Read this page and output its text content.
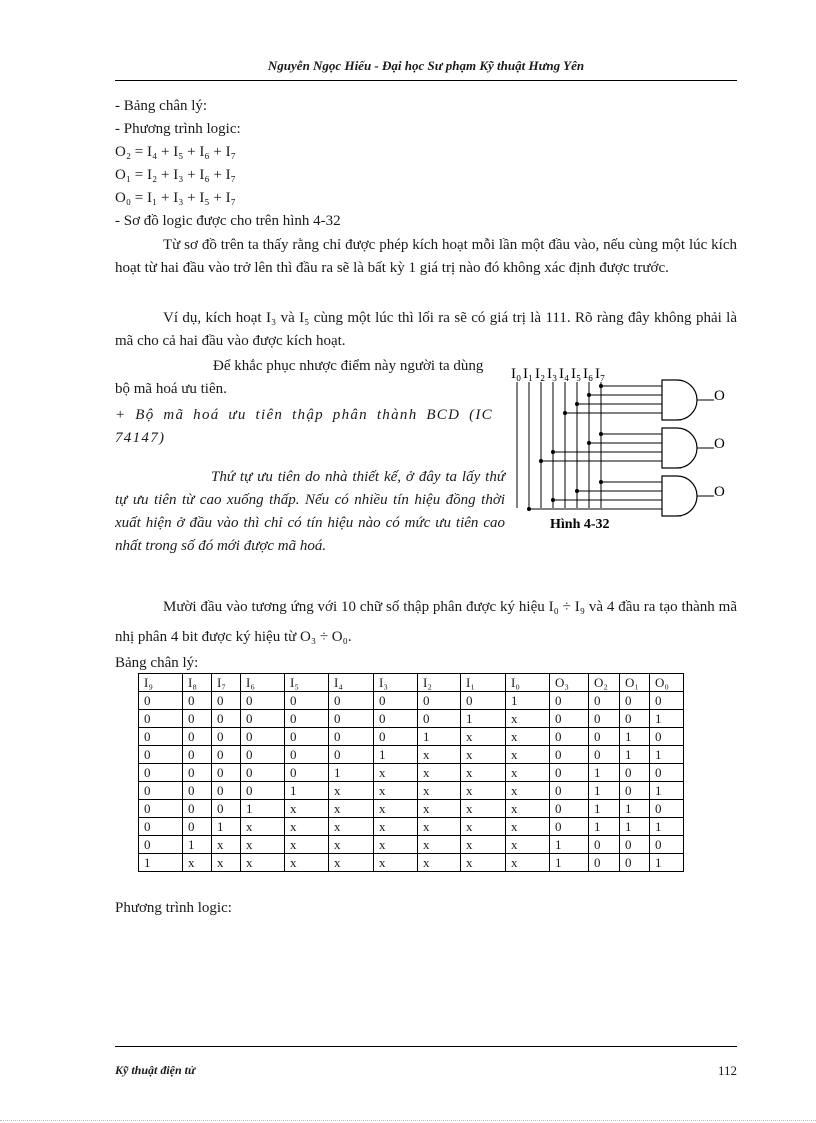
Nguyễn Ngọc Hiếu - Đại học Sư phạm Kỹ thuật Hưng Yên
- Bảng chân lý:
- Phương trình logic:
O₂ = I₄ + I₅ + I₆ + I₇
O₁ = I₂ + I₃ + I₆ + I₇
O₀ = I₁ + I₃ + I₅ + I₇
- Sơ đồ logic được cho trên hình 4-32
Từ sơ đồ trên ta thấy rằng chỉ được phép kích hoạt mỗi lần một đầu vào, nếu cùng một lúc kích hoạt từ hai đầu vào trở lên thì đầu ra sẽ là bất kỳ 1 giá trị nào đó không xác định được trước.
Ví dụ, kích hoạt I₃ và I₅ cùng một lúc thì lối ra sẽ có giá trị là 111. Rõ ràng đây không phải là mã cho cả hai đầu vào được kích hoạt.
Để khắc phục nhược điểm này người ta dùng
bộ mã hoá ưu tiên.
+ Bộ mã hoá ưu tiên thập phân thành BCD (IC 74147)
Thứ tự ưu tiên do nhà thiết kế, ở đây ta lấy thứ tự ưu tiên từ cao xuống thấp. Nếu có nhiều tín hiệu đồng thời xuất hiện ở đầu vào thì chỉ có tín hiệu nào có mức ưu tiên cao nhất trong số đó mới được mã hoá.
I₀ I₁ I₂ I₃ I₄ I₅ I₆ I₇
O
O
O
Hình 4-32
Mười đầu vào tương ứng với 10 chữ số thập phân được ký hiệu I₀ ÷ I₉ và 4 đầu ra tạo thành mã nhị phân 4 bit được ký hiệu từ O₃ ÷ O₀.
Bảng chân lý:
I₉	I₈	I₇	I₆	I₅	I₄	I₃	I₂	I₁	I₀	O₃	O₂	O₁	O₀
0	0	0	0	0	0	0	0	0	1	0	0	0	0
0	0	0	0	0	0	0	0	1	x	0	0	0	1
0	0	0	0	0	0	0	1	x	x	0	0	1	0
0	0	0	0	0	0	1	x	x	x	0	0	1	1
0	0	0	0	0	1	x	x	x	x	0	1	0	0
0	0	0	0	1	x	x	x	x	x	0	1	0	1
0	0	0	1	x	x	x	x	x	x	0	1	1	0
0	0	1	x	x	x	x	x	x	x	0	1	1	1
0	1	x	x	x	x	x	x	x	x	1	0	0	0
1	x	x	x	x	x	x	x	x	x	1	0	0	1
Phương trình logic:
Kỹ thuật điện tử	112
